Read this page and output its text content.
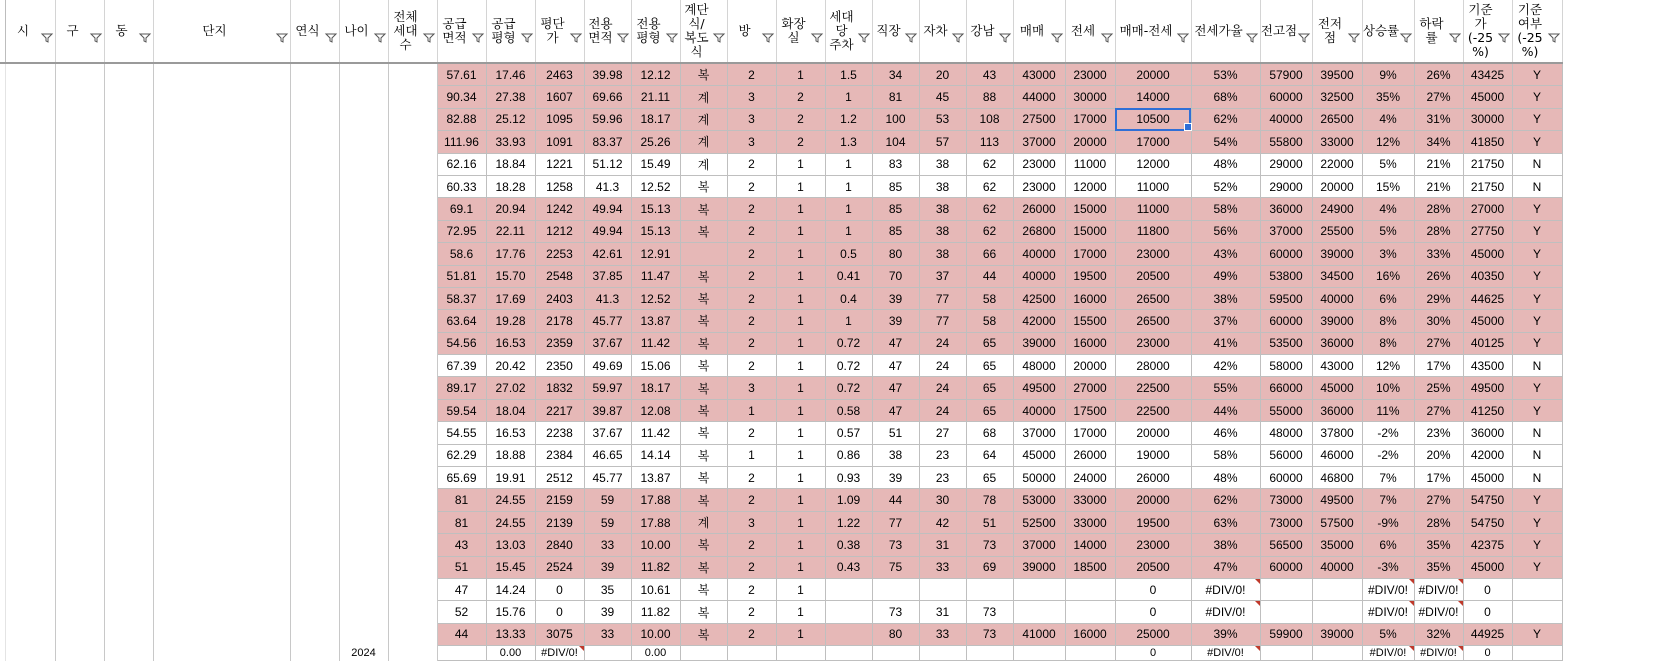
	시	구	동	단지	연식	나이	전체
세대
수	공급면적	공급평형	평단가	전용면적	전용평형	계단
식/
복도
식	방	화장실	세대당
주차	직장	자차	강남	매매	전세	매매-전세	전세가율	전고점	전저점	상승률	하락률	기준
가
(-25
%)	기준
여부
(-25
%)

								57.61	17.46	2463	39.98	12.12	복	2	1	1.5	34	20	43	43000	23000	20000	53%	57900	39500	9%	26%	43425	Y
								90.34	27.38	1607	69.66	21.11	계	3	2	1	81	45	88	44000	30000	14000	68%	60000	32500	35%	27%	45000	Y
								82.88	25.12	1095	59.96	18.17	계	3	2	1.2	100	53	108	27500	17000	10500	62%	40000	26500	4%	31%	30000	Y
								111.96	33.93	1091	83.37	25.26	계	3	2	1.3	104	57	113	37000	20000	17000	54%	55800	33000	12%	34%	41850	Y
								62.16	18.84	1221	51.12	15.49	계	2	1	1	83	38	62	23000	11000	12000	48%	29000	22000	5%	21%	21750	N
								60.33	18.28	1258	41.3	12.52	복	2	1	1	85	38	62	23000	12000	11000	52%	29000	20000	15%	21%	21750	N
								69.1	20.94	1242	49.94	15.13	복	2	1	1	85	38	62	26000	15000	11000	58%	36000	24900	4%	28%	27000	Y
								72.95	22.11	1212	49.94	15.13	복	2	1	1	85	38	62	26800	15000	11800	56%	37000	25500	5%	28%	27750	Y
								58.6	17.76	2253	42.61	12.91		2	1	0.5	80	38	66	40000	17000	23000	43%	60000	39000	3%	33%	45000	Y
								51.81	15.70	2548	37.85	11.47	복	2	1	0.41	70	37	44	40000	19500	20500	49%	53800	34500	16%	26%	40350	Y
								58.37	17.69	2403	41.3	12.52	복	2	1	0.4	39	77	58	42500	16000	26500	38%	59500	40000	6%	29%	44625	Y
								63.64	19.28	2178	45.77	13.87	복	2	1	1	39	77	58	42000	15500	26500	37%	60000	39000	8%	30%	45000	Y
								54.56	16.53	2359	37.67	11.42	복	2	1	0.72	47	24	65	39000	16000	23000	41%	53500	36000	8%	27%	40125	Y
								67.39	20.42	2350	49.69	15.06	복	2	1	0.72	47	24	65	48000	20000	28000	42%	58000	43000	12%	17%	43500	N
								89.17	27.02	1832	59.97	18.17	복	3	1	0.72	47	24	65	49500	27000	22500	55%	66000	45000	10%	25%	49500	Y
								59.54	18.04	2217	39.87	12.08	복	1	1	0.58	47	24	65	40000	17500	22500	44%	55000	36000	11%	27%	41250	Y
								54.55	16.53	2238	37.67	11.42	복	2	1	0.57	51	27	68	37000	17000	20000	46%	48000	37800	-2%	23%	36000	N
								62.29	18.88	2384	46.65	14.14	복	1	1	0.86	38	23	64	45000	26000	19000	58%	56000	46000	-2%	20%	42000	N
								65.69	19.91	2512	45.77	13.87	복	2	1	0.93	39	23	65	50000	24000	26000	48%	60000	46800	7%	17%	45000	N
								81	24.55	2159	59	17.88	복	2	1	1.09	44	30	78	53000	33000	20000	62%	73000	49500	7%	27%	54750	Y
								81	24.55	2139	59	17.88	계	3	1	1.22	77	42	51	52500	33000	19500	63%	73000	57500	-9%	28%	54750	Y
								43	13.03	2840	33	10.00	복	2	1	0.38	73	31	73	37000	14000	23000	38%	56500	35000	6%	35%	42375	Y
								51	15.45	2524	39	11.82	복	2	1	0.43	75	33	69	39000	18500	20500	47%	60000	40000	-3%	35%	45000	Y
								47	14.24	0	35	10.61	복	2	1							0	#DIV/0!			#DIV/0!	#DIV/0!	0	
								52	15.76	0	39	11.82	복	2	1		73	31	73			0	#DIV/0!			#DIV/0!	#DIV/0!	0	
								44	13.33	3075	33	10.00	복	2	1		80	33	73	41000	16000	25000	39%	59900	39000	5%	32%	44925	Y
						2024			0.00	#DIV/0!		0.00										0	#DIV/0!			#DIV/0!	#DIV/0!	0	
